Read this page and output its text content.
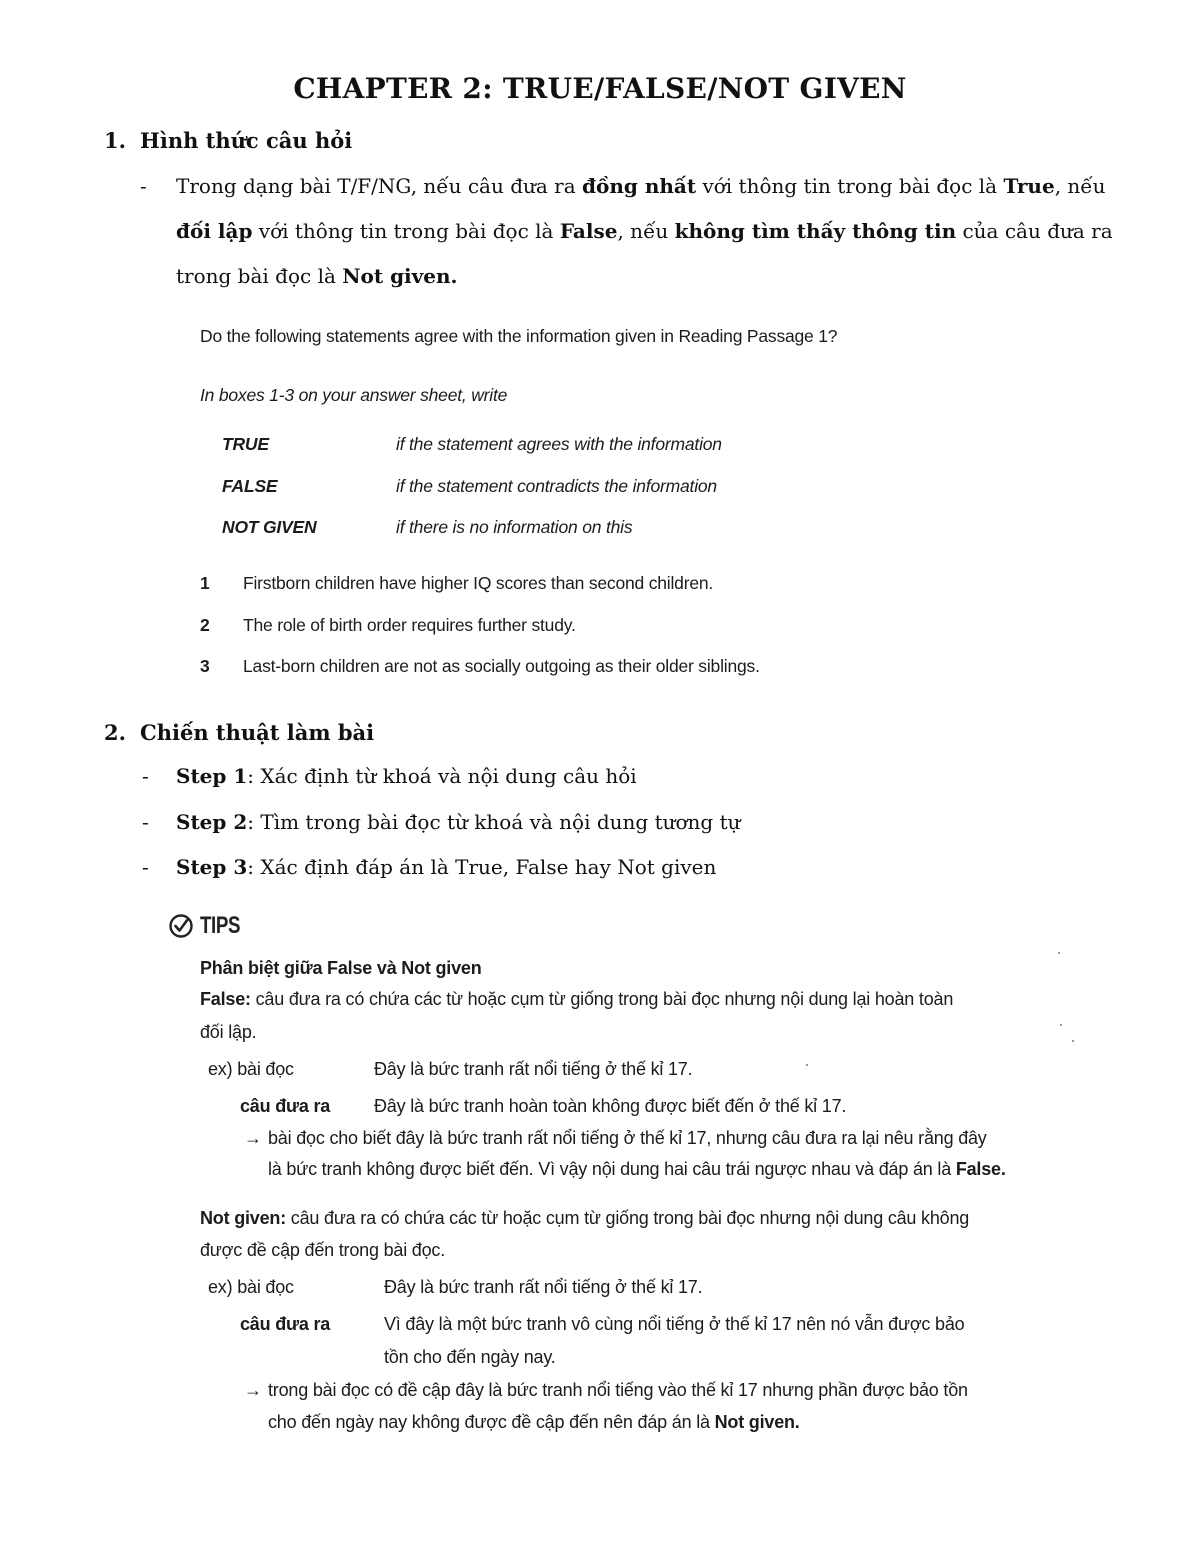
CHAPTER 2: TRUE/FALSE/NOT GIVEN
1. Hình thức câu hỏi
- Trong dạng bài T/F/NG, nếu câu đưa ra đồng nhất với thông tin trong bài đọc là True, nếu đối lập với thông tin trong bài đọc là False, nếu không tìm thấy thông tin của câu đưa ra trong bài đọc là Not given.
Do the following statements agree with the information given in Reading Passage 1?
In boxes 1-3 on your answer sheet, write
TRUE	if the statement agrees with the information
FALSE	if the statement contradicts the information
NOT GIVEN	if there is no information on this
1 Firstborn children have higher IQ scores than second children.
2 The role of birth order requires further study.
3 Last-born children are not as socially outgoing as their older siblings.
2. Chiến thuật làm bài
- Step 1: Xác định từ khoá và nội dung câu hỏi
- Step 2: Tìm trong bài đọc từ khoá và nội dung tương tự
- Step 3: Xác định đáp án là True, False hay Not given
TIPS
Phân biệt giữa False và Not given
False: câu đưa ra có chứa các từ hoặc cụm từ giống trong bài đọc nhưng nội dung lại hoàn toàn
đối lập.
ex) bài đọc	Đây là bức tranh rất nổi tiếng ở thế kỉ 17.
câu đưa ra Đây là bức tranh hoàn toàn không được biết đến ở thế kỉ 17.
→ bài đọc cho biết đây là bức tranh rất nổi tiếng ở thế kỉ 17, nhưng câu đưa ra lại nêu rằng đây
là bức tranh không được biết đến. Vì vậy nội dung hai câu trái ngược nhau và đáp án là False.
Not given: câu đưa ra có chứa các từ hoặc cụm từ giống trong bài đọc nhưng nội dung câu không
được đề cập đến trong bài đọc.
ex) bài đọc	Đây là bức tranh rất nổi tiếng ở thế kỉ 17.
câu đưa ra	Vì đây là một bức tranh vô cùng nổi tiếng ở thế kỉ 17 nên nó vẫn được bảo
tồn cho đến ngày nay.
→ trong bài đọc có đề cập đây là bức tranh nổi tiếng vào thế kỉ 17 nhưng phần được bảo tồn
cho đến ngày nay không được đề cập đến nên đáp án là Not given.
